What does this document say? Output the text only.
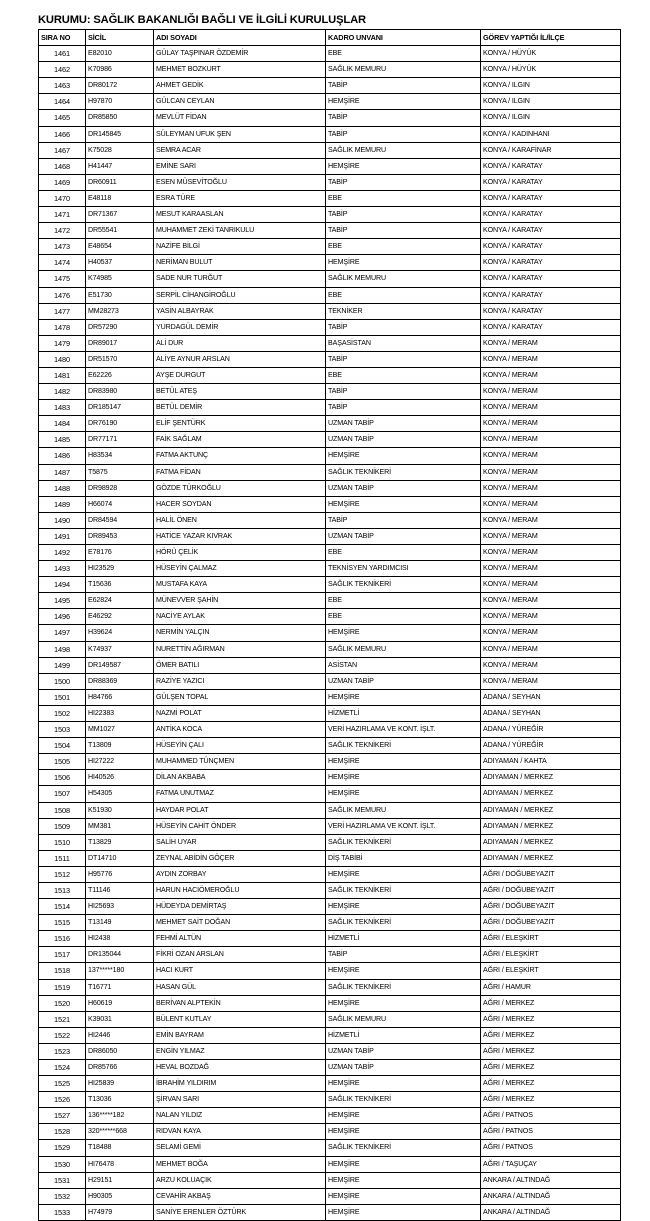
KURUMU: SAĞLIK BAKANLIĞI BAĞLI VE İLGİLİ KURULUŞLAR
SIRA NO	SİCİL	ADI SOYADI	KADRO UNVANI	GÖREV YAPTIĞI İL/İLÇE
1461	E82010	GÜLAY TAŞPINAR ÖZDEMİR	EBE	KONYA / HÜYÜK
1462	K70986	MEHMET BOZKURT	SAĞLIK MEMURU	KONYA / HÜYÜK
1463	DR80172	AHMET GEDİK	TABİP	KONYA / ILGIN
1464	H97870	GÜLCAN CEYLAN	HEMŞİRE	KONYA / ILGIN
1465	DR85850	MEVLÜT FİDAN	TABİP	KONYA / ILGIN
1466	DR145845	SÜLEYMAN UFUK ŞEN	TABİP	KONYA / KADINHANI
1467	K75028	SEMRA ACAR	SAĞLIK MEMURU	KONYA / KARAFİNAR
1468	H41447	EMİNE SARI	HEMŞİRE	KONYA / KARATAY
1469	DR60911	ESEN MÜSEVİTOĞLU	TABİP	KONYA / KARATAY
1470	E48118	ESRA TÜRE	EBE	KONYA / KARATAY
1471	DR71367	MESUT KARAASLAN	TABİP	KONYA / KARATAY
1472	DR55541	MUHAMMET ZEKİ TANRIKULU	TABİP	KONYA / KARATAY
1473	E48654	NAZİFE BİLGİ	EBE	KONYA / KARATAY
1474	H40537	NERİMAN BULUT	HEMŞİRE	KONYA / KARATAY
1475	K74985	SADE NUR TURĞUT	SAĞLIK MEMURU	KONYA / KARATAY
1476	E51730	SERPİL CİHANGİROĞLU	EBE	KONYA / KARATAY
1477	MM28273	YASİN ALBAYRAK	TEKNİKER	KONYA / KARATAY
1478	DR57290	YURDAGÜL DEMİR	TABİP	KONYA / KARATAY
1479	DR89017	ALİ DUR	BAŞASİSTAN	KONYA / MERAM
1480	DR51570	ALİYE AYNUR ARSLAN	TABİP	KONYA / MERAM
1481	E62226	AYŞE DURGUT	EBE	KONYA / MERAM
1482	DR83980	BETÜL ATEŞ	TABİP	KONYA / MERAM
1483	DR185147	BETÜL DEMİR	TABİP	KONYA / MERAM
1484	DR76190	ELİF ŞENTÜRK	UZMAN TABİP	KONYA / MERAM
1485	DR77171	FAİK SAĞLAM	UZMAN TABİP	KONYA / MERAM
1486	H83534	FATMA AKTUNÇ	HEMŞİRE	KONYA / MERAM
1487	T5875	FATMA FİDAN	SAĞLIK TEKNİKERİ	KONYA / MERAM
1488	DR98928	GÖZDE TÜRKOĞLU	UZMAN TABİP	KONYA / MERAM
1489	H66074	HACER SOYDAN	HEMŞİRE	KONYA / MERAM
1490	DR84594	HALİL ÖNEN	TABİP	KONYA / MERAM
1491	DR89453	HATİCE YAZAR KIVRAK	UZMAN TABİP	KONYA / MERAM
1492	E78176	HÖRÜ ÇELİK	EBE	KONYA / MERAM
1493	HI23529	HÜSEYİN ÇALMAZ	TEKNİSYEN YARDIMCISI	KONYA / MERAM
1494	T15636	MUSTAFA KAYA	SAĞLIK TEKNİKERİ	KONYA / MERAM
1495	E62824	MÜNEVVER ŞAHİN	EBE	KONYA / MERAM
1496	E46292	NACİYE AYLAK	EBE	KONYA / MERAM
1497	H39624	NERMİN YALÇIN	HEMŞİRE	KONYA / MERAM
1498	K74937	NURETTİN AĞIRMAN	SAĞLIK MEMURU	KONYA / MERAM
1499	DR149587	ÖMER BATILI	ASİSTAN	KONYA / MERAM
1500	DR88369	RAZİYE YAZICI	UZMAN TABİP	KONYA / MERAM
1501	H84766	GÜLŞEN TOPAL	HEMŞİRE	ADANA / SEYHAN
1502	HI22383	NAZMİ POLAT	HİZMETLİ	ADANA / SEYHAN
1503	MM1027	ANTİKA KOCA	VERİ HAZIRLAMA VE KONT. İŞLT.	ADANA / YÜREĞİR
1504	T13809	HÜSEYİN ÇALI	SAĞLIK TEKNİKERİ	ADANA / YÜREĞİR
1505	HI27222	MUHAMMED TÜNÇMEN	HEMŞİRE	ADIYAMAN / KAHTA
1506	HI40526	DİLAN AKBABA	HEMŞİRE	ADIYAMAN / MERKEZ
1507	H54305	FATMA UNUTMAZ	HEMŞİRE	ADIYAMAN / MERKEZ
1508	K51930	HAYDAR POLAT	SAĞLIK MEMURU	ADIYAMAN / MERKEZ
1509	MM381	HÜSEYİN CAHİT ÖNDER	VERİ HAZIRLAMA VE KONT. İŞLT.	ADIYAMAN / MERKEZ
1510	T13829	SALİH UYAR	SAĞLIK TEKNİKERİ	ADIYAMAN / MERKEZ
1511	DT14710	ZEYNAL ABİDİN GÖÇER	DİŞ TABİBİ	ADIYAMAN / MERKEZ
1512	H95776	AYDIN ZORBAY	HEMŞİRE	AĞRI / DOĞUBEYAZIT
1513	T11146	HARUN HACIÖMEROĞLU	SAĞLIK TEKNİKERİ	AĞRI / DOĞUBEYAZIT
1514	HI25693	HÜDEYDA DEMİRTAŞ	HEMŞİRE	AĞRI / DOĞUBEYAZIT
1515	T13149	MEHMET SAİT DOĞAN	SAĞLIK TEKNİKERİ	AĞRI / DOĞUBEYAZIT
1516	HI2438	FEHMİ ALTÜN	HİZMETLİ	AĞRI / ELEŞKİRT
1517	DR135044	FİKRİ OZAN ARSLAN	TABİP	AĞRI / ELEŞKİRT
1518	137*****180	HACI KURT	HEMŞİRE	AĞRI / ELEŞKİRT
1519	T16771	HASAN GÜL	SAĞLIK TEKNİKERİ	AĞRI / HAMUR
1520	H60619	BERİVAN ALPTEKİN	HEMŞİRE	AĞRI / MERKEZ
1521	K39031	BÜLENT KUTLAY	SAĞLIK MEMURU	AĞRI / MERKEZ
1522	HI2446	EMİN BAYRAM	HİZMETLİ	AĞRI / MERKEZ
1523	DR86050	ENGİN YILMAZ	UZMAN TABİP	AĞRI / MERKEZ
1524	DR85766	HEVAL BOZDAĞ	UZMAN TABİP	AĞRI / MERKEZ
1525	HI25839	İBRAHİM YILDIRIM	HEMŞİRE	AĞRI / MERKEZ
1526	T13036	ŞİRVAN SARI	SAĞLIK TEKNİKERİ	AĞRI / MERKEZ
1527	136*****182	NALAN YILDIZ	HEMŞİRE	AĞRI / PATNOS
1528	320******668	RIDVAN KAYA	HEMŞİRE	AĞRI / PATNOS
1529	T18488	SELAMİ GEMİ	SAĞLIK TEKNİKERİ	AĞRI / PATNOS
1530	HI76478	MEHMET BOĞA	HEMŞİRE	AĞRI / TAŞUÇAY
1531	H29151	ARZU KOLUAÇIK	HEMŞİRE	ANKARA / ALTINDAĞ
1532	H90305	CEVAHİR AKBAŞ	HEMŞİRE	ANKARA / ALTINDAĞ
1533	H74979	SANİYE ERENLER ÖZTÜRK	HEMŞİRE	ANKARA / ALTINDAĞ
